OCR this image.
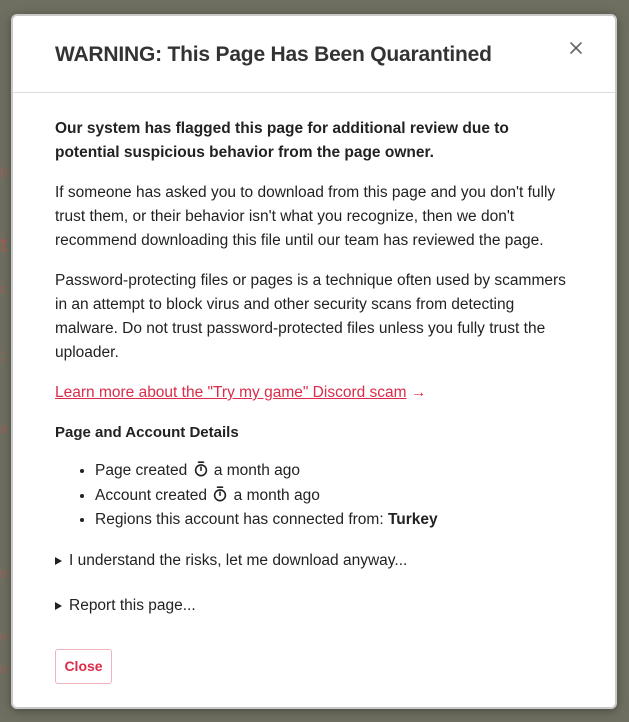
p
t
c
:
a
n
v
o
WARNING: This Page Has Been Quarantined

Our system has flagged this page for additional review due to potential suspicious behavior from the page owner.

If someone has asked you to download from this page and you don't fully trust them, or their behavior isn't what you recognize, then we don't recommend downloading this file until our team has reviewed the page.

Password-protecting files or pages is a technique often used by scammers in an attempt to block virus and other security scans from detecting malware. Do not trust password-protected files unless you fully trust the uploader.

Learn more about the "Try my game" Discord scam →

Page and Account Details
• Page created a month ago
• Account created a month ago
• Regions this account has connected from: Turkey
I understand the risks, let me download anyway...
Report this page...
Close
